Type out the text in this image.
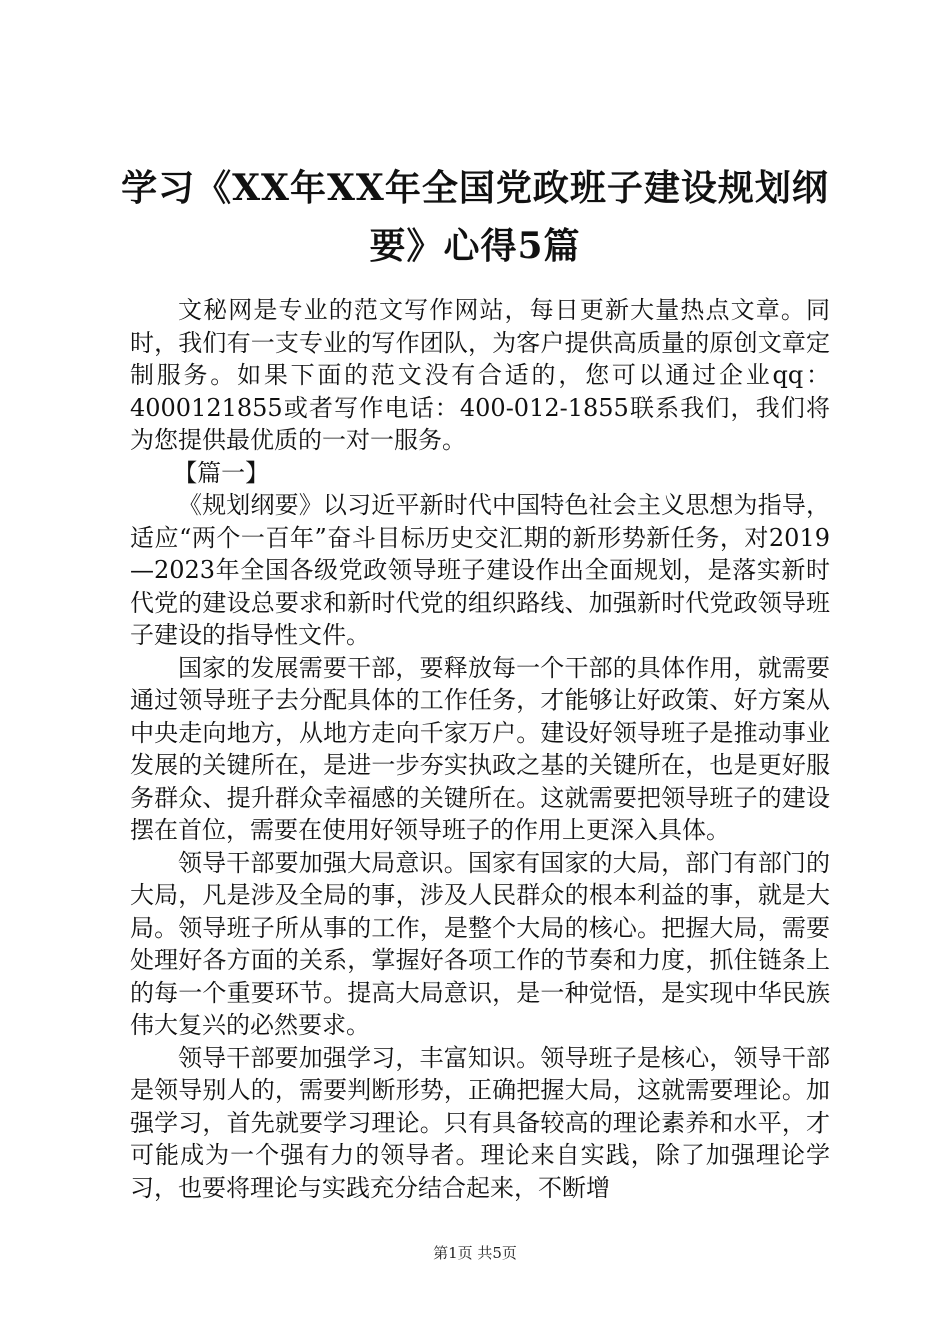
学习《XX年XX年全国党政班子建设规划纲
要》心得5篇

文秘网是专业的范文写作网站，每日更新大量热点文章。同时，我们有一支专业的写作团队，为客户提供高质量的原创文章定制服务。如果下面的范文没有合适的，您可以通过企业qq：4000121855或者写作电话：400-012-1855联系我们，我们将为您提供最优质的一对一服务。

【篇一】

《规划纲要》以习近平新时代中国特色社会主义思想为指导，适应“两个一百年”奋斗目标历史交汇期的新形势新任务，对2019—2023年全国各级党政领导班子建设作出全面规划，是落实新时代党的建设总要求和新时代党的组织路线、加强新时代党政领导班子建设的指导性文件。

国家的发展需要干部，要释放每一个干部的具体作用，就需要通过领导班子去分配具体的工作任务，才能够让好政策、好方案从中央走向地方，从地方走向千家万户。建设好领导班子是推动事业发展的关键所在，是进一步夯实执政之基的关键所在，也是更好服务群众、提升群众幸福感的关键所在。这就需要把领导班子的建设摆在首位，需要在使用好领导班子的作用上更深入具体。

领导干部要加强大局意识。国家有国家的大局，部门有部门的大局，凡是涉及全局的事，涉及人民群众的根本利益的事，就是大局。领导班子所从事的工作，是整个大局的核心。把握大局，需要处理好各方面的关系，掌握好各项工作的节奏和力度，抓住链条上的每一个重要环节。提高大局意识，是一种觉悟，是实现中华民族伟大复兴的必然要求。

领导干部要加强学习，丰富知识。领导班子是核心，领导干部是领导别人的，需要判断形势，正确把握大局，这就需要理论。加强学习，首先就要学习理论。只有具备较高的理论素养和水平，才可能成为一个强有力的领导者。理论来自实践，除了加强理论学习，也要将理论与实践充分结合起来，不断增

第1页 共5页
